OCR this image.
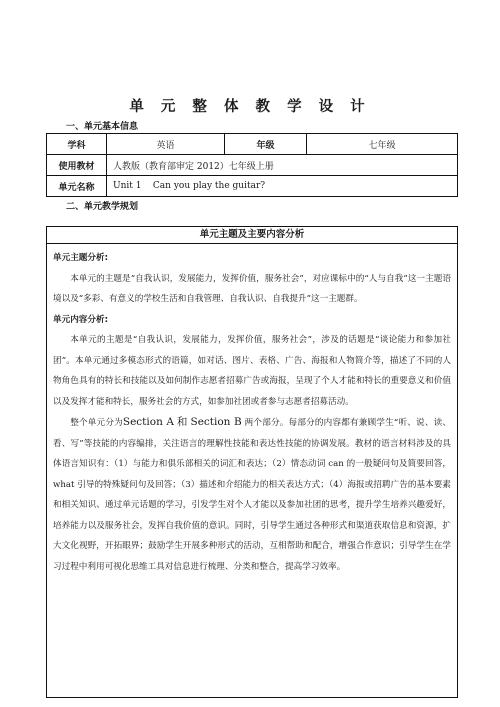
单 元 整 体 教 学 设 计
一、单元基本信息
学科	英语	年级	七年级
使用教材	人教版（教育部审定 2012）七年级上册		
单元名称	Unit 1    Can you play the guitar?		
二、单元教学规划
单元主题及主要内容分析

单元主题分析:

本单元的主题是“自我认识，发展能力，发挥价值，服务社会”，对应课标中的“人与自我”这一主题语境以及“多彩、有意义的学校生活和自我管理、自我认识、自我提升”这一主题群。

单元内容分析:

本单元的主题是“自我认识，发展能力，发挥价值，服务社会”，涉及的话题是“谈论能力和参加社团”。本单元通过多模态形式的语篇，如对话、图片、表格、广告、海报和人物简介等，描述了不同的人物角色具有的特长和技能以及如何制作志愿者招募广告或海报，呈现了个人才能和特长的重要意义和价值以及发挥才能和特长，服务社会的方式，如参加社团或者参与志愿者招募活动。

整个单元分为Section A 和 Section B 两个部分。每部分的内容都有兼顾学生“听、说、读、看、写”等技能的内容编排，关注语言的理解性技能和表达性技能的协调发展。教材的语言材料涉及的具体语言知识有：（1）与能力和俱乐部相关的词汇和表达；（2）情态动词 can 的一般疑问句及简要回答，what 引导的特殊疑问句及回答；（3）描述和介绍能力的相关表达方式；（4）海报或招聘广告的基本要素和相关知识、通过单元话题的学习，引发学生对个人才能以及参加社团的思考，提升学生培养兴趣爱好，培养能力以及服务社会，发挥自我价值的意识。同时，引导学生通过各种形式和渠道获取信息和资源，扩大文化视野，开拓眼界；鼓励学生开展多种形式的活动，互相帮助和配合，增强合作意识；引导学生在学习过程中利用可视化思维工具对信息进行梳理、分类和整合，提高学习效率。
